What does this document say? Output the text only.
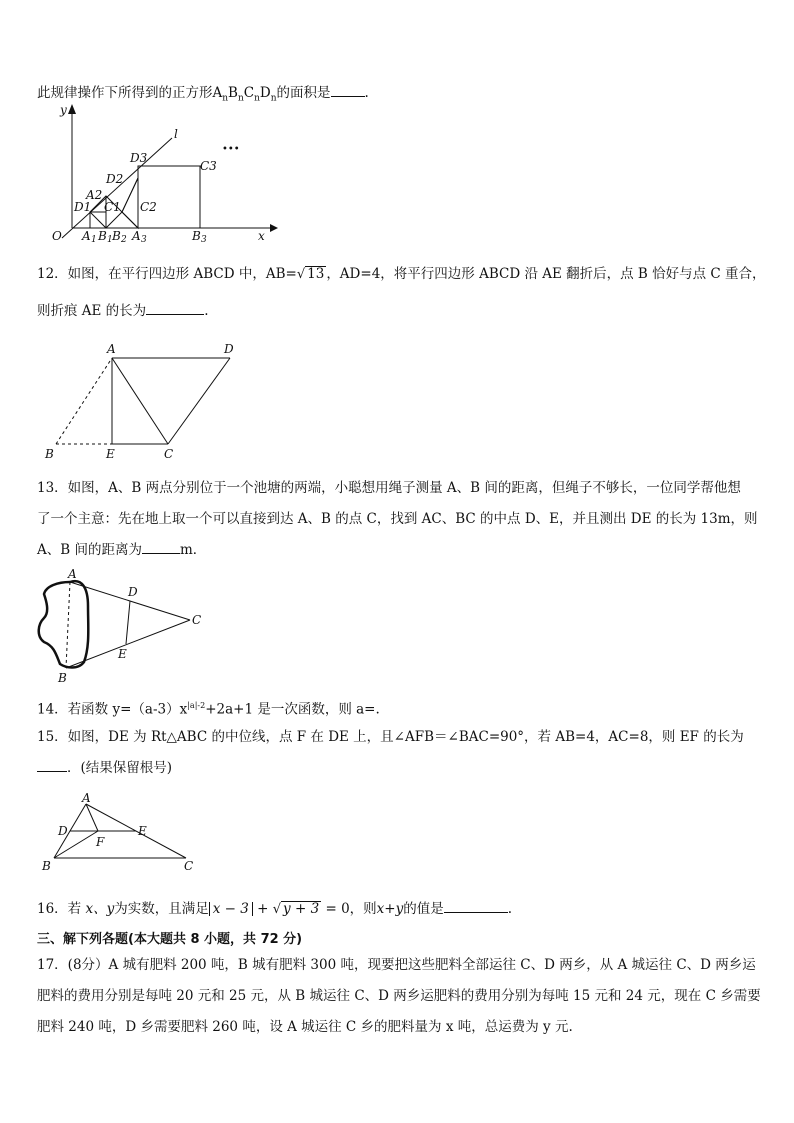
此规律操作下所得到的正方形$A_nB_nC_nD_n$的面积是	.
y
x
O
l
•••
D1
A2
C1
D2
C2
D3
C3
A 1 B 1 B 2 A 3	B 3
12．如图，在平行四边形 ABCD 中，AB=√ 13 ，AD=4，将平行四边形 ABCD 沿 AE 翻折后，点 B 恰好与点 C 重合，
则折痕 AE 的长为	.
A	D
B	E	C
13．如图，A、B 两点分别位于一个池塘的两端，小聪想用绳子测量 A、B 间的距离，但绳子不够长，一位同学帮他想
了一个主意：先在地上取一个可以直接到达 A、B 的点 C，找到 AC、BC 的中点 D、E，并且测出 DE 的长为 13m，则
A、B 间的距离为	m．
A
D
C
E
B
14．若函数 $y=(a-3)x^{|a|-2}+2a+1$ 是一次函数，则 a=.
15．如图，DE 为 Rt△ABC 的中位线，点 F 在 DE 上，且∠AFB＝∠BAC=90°，若 AB=4，AC=8，则 EF 的长为
．(结果保留根号)
A
D	E
F
B	C
16．若 x、y为实数，且满足 x − 3 + √ y + 3 = 0，则x+y的值是	.
三、解下列各题(本大题共 8 小题，共 72 分)
17．(8分）A 城有肥料 200 吨，B 城有肥料 300 吨，现要把这些肥料全部运往 C、D 两乡，从 A 城运往 C、D 两乡运
肥料的费用分别是每吨 20 元和 25 元，从 B 城运往 C、D 两乡运肥料的费用分别为每吨 15 元和 24 元，现在 C 乡需要
肥料 240 吨，D 乡需要肥料 260 吨，设 A 城运往 C 乡的肥料量为 x 吨，总运费为 y 元.
